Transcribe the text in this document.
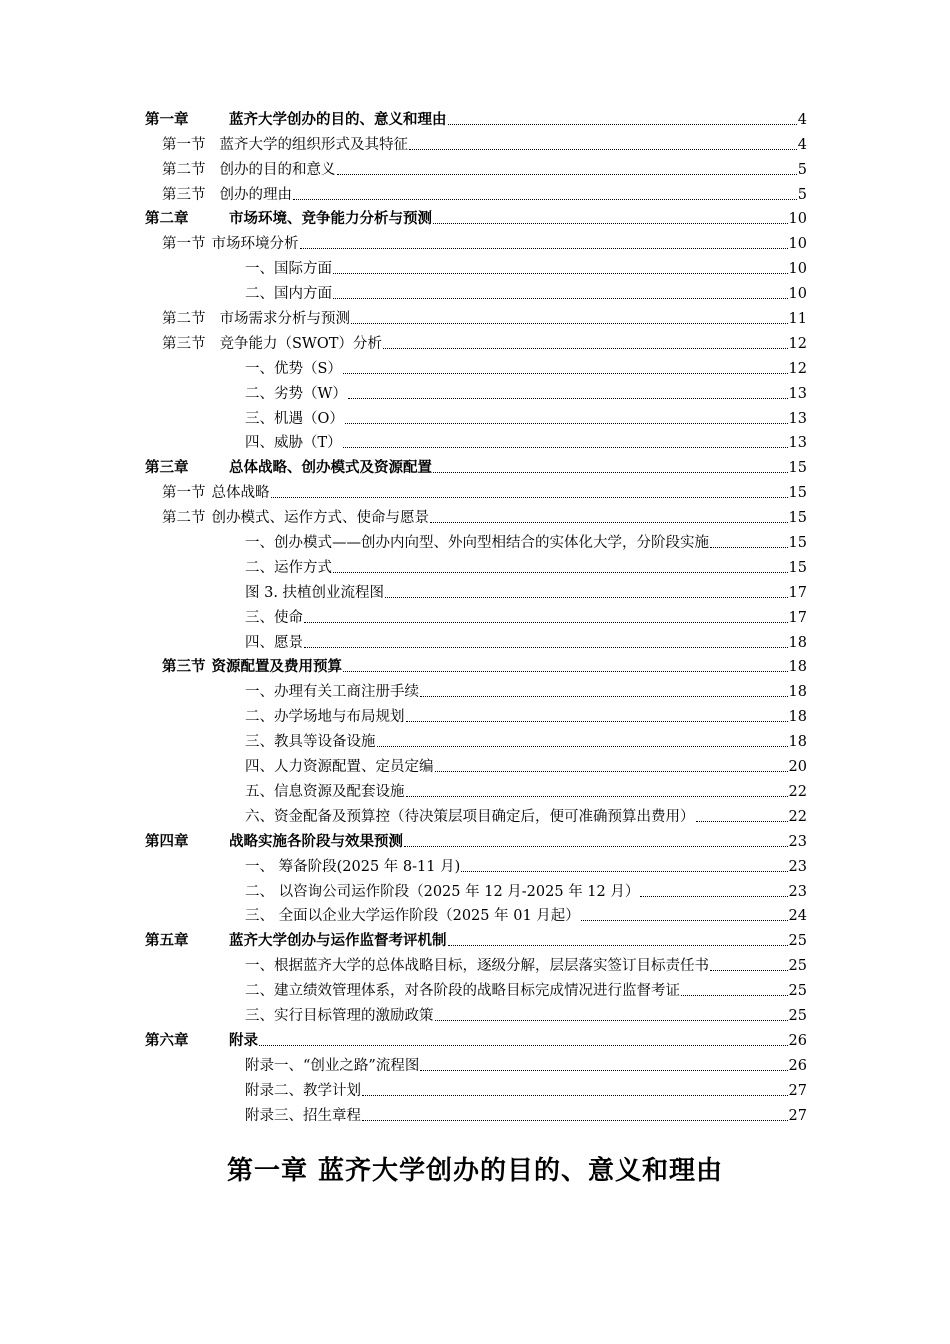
第一章	蓝齐大学创办的目的、意义和理由	4
第一节 蓝齐大学的组织形式及其特征	4
第二节 创办的目的和意义	5
第三节 创办的理由	5
第二章	市场环境、竞争能力分析与预测	10
第一节 市场环境分析	10
一、国际方面	10
二、国内方面	10
第二节 市场需求分析与预测	11
第三节 竞争能力（SWOT）分析	12
一、优势（S）	12
二、劣势（W）	13
三、机遇（O）	13
四、威胁（T）	13
第三章	总体战略、创办模式及资源配置	15
第一节 总体战略	15
第二节 创办模式、运作方式、使命与愿景	15
一、创办模式——创办内向型、外向型相结合的实体化大学，分阶段实施	15
二、运作方式	15
图 3. 扶植创业流程图	17
三、使命	17
四、愿景	18
第三节 资源配置及费用预算	18
一、办理有关工商注册手续	18
二、办学场地与布局规划	18
三、教具等设备设施	18
四、人力资源配置、定员定编	20
五、信息资源及配套设施	22
六、资金配备及预算控（待决策层项目确定后，便可准确预算出费用）	22
第四章	战略实施各阶段与效果预测	23
一、 筹备阶段(2025 年 8-11 月)	23
二、 以咨询公司运作阶段（2025 年 12 月-2025 年 12 月）	23
三、 全面以企业大学运作阶段（2025 年 01 月起）	24
第五章	蓝齐大学创办与运作监督考评机制	25
一、根据蓝齐大学的总体战略目标，逐级分解，层层落实签订目标责任书	25
二、建立绩效管理体系，对各阶段的战略目标完成情况进行监督考证	25
三、实行目标管理的激励政策	25
第六章	附录	26
附录一、“创业之路”流程图	26
附录二、教学计划	27
附录三、招生章程	27
第一章 蓝齐大学创办的目的、意义和理由
